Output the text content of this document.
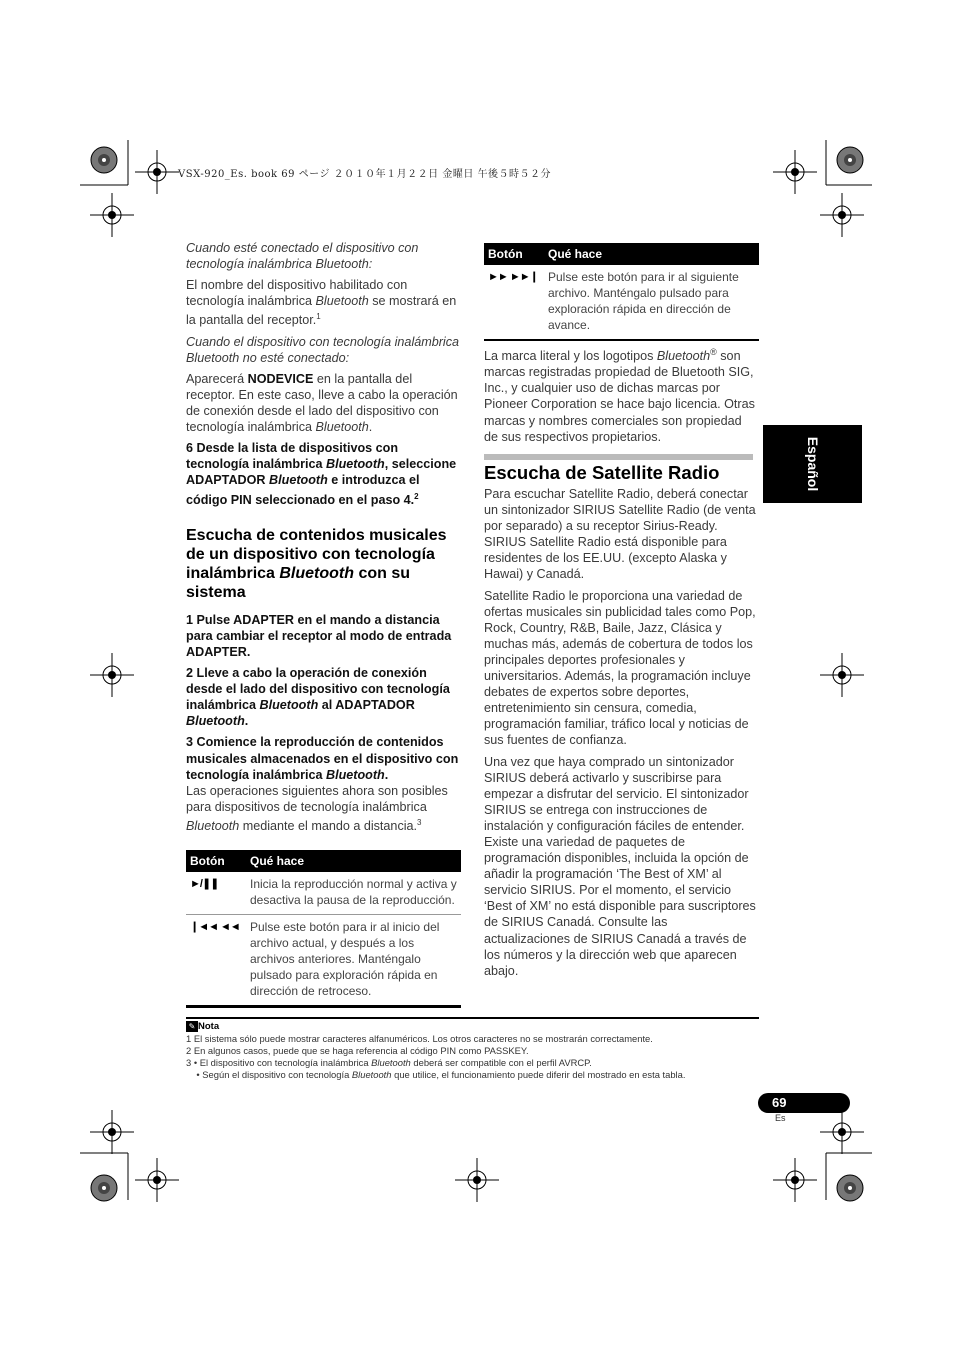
VSX-920_Es. book 69 ページ ２０１０年１月２２日 金曜日 午後５時５２分

Cuando esté conectado el dispositivo con tecnología inalámbrica Bluetooth:

El nombre del dispositivo habilitado con tecnología inalámbrica Bluetooth se mostrará en la pantalla del receptor.$^1$

Cuando el dispositivo con tecnología inalámbrica Bluetooth no esté conectado:

Aparecerá NODEVICE en la pantalla del receptor. En este caso, lleve a cabo la operación de conexión desde el lado del dispositivo con tecnología inalámbrica Bluetooth.

6 Desde la lista de dispositivos con tecnología inalámbrica Bluetooth, seleccione ADAPTADOR Bluetooth e introduzca el código PIN seleccionado en el paso 4.$^2$

Escucha de contenidos musicales de un dispositivo con tecnología inalámbrica Bluetooth con su sistema

1 Pulse ADAPTER en el mando a distancia para cambiar el receptor al modo de entrada ADAPTER.

2 Lleve a cabo la operación de conexión desde el lado del dispositivo con tecnología inalámbrica Bluetooth al ADAPTADOR Bluetooth.

3 Comience la reproducción de contenidos musicales almacenados en el dispositivo con tecnología inalámbrica Bluetooth.

Las operaciones siguientes ahora son posibles para dispositivos de tecnología inalámbrica Bluetooth mediante el mando a distancia.$^3$

Botón	Qué hace
►/❚❚	Inicia la reproducción normal y activa y desactiva la pausa de la reproducción.
❙◄◄ ◄◄	Pulse este botón para ir al inicio del archivo actual, y después a los archivos anteriores. Manténgalo pulsado para exploración rápida en dirección de retroceso.
Botón	Qué hace
►► ►►❙	Pulse este botón para ir al siguiente archivo. Manténgalo pulsado para exploración rápida en dirección de avance.

La marca literal y los logotipos Bluetooth® son marcas registradas propiedad de Bluetooth SIG, Inc., y cualquier uso de dichas marcas por Pioneer Corporation se hace bajo licencia. Otras marcas y nombres comerciales son propiedad de sus respectivos propietarios.

Escucha de Satellite Radio

Para escuchar Satellite Radio, deberá conectar un sintonizador SIRIUS Satellite Radio (de venta por separado) a su receptor Sirius-Ready. SIRIUS Satellite Radio está disponible para residentes de los EE.UU. (excepto Alaska y Hawai) y Canadá.

Satellite Radio le proporciona una variedad de ofertas musicales sin publicidad tales como Pop, Rock, Country, R&B, Baile, Jazz, Clásica y muchas más, además de cobertura de todos los principales deportes profesionales y universitarios. Además, la programación incluye debates de expertos sobre deportes, entretenimiento sin censura, comedia, programación familiar, tráfico local y noticias de sus fuentes de confianza.

Una vez que haya comprado un sintonizador SIRIUS deberá activarlo y suscribirse para empezar a disfrutar del servicio. El sintonizador SIRIUS se entrega con instrucciones de instalación y configuración fáciles de entender. Existe una variedad de paquetes de programación disponibles, incluida la opción de añadir la programación ‘The Best of XM’ al servicio SIRIUS. Por el momento, el servicio ‘Best of XM’ no está disponible para suscriptores de SIRIUS Canadá. Consulte las actualizaciones de SIRIUS Canadá a través de los números y la dirección web que aparecen abajo.

Español
✎ Nota
1 El sistema sólo puede mostrar caracteres alfanuméricos. Los otros caracteres no se mostrarán correctamente.
2 En algunos casos, puede que se haga referencia al código PIN como PASSKEY.
3 • El dispositivo con tecnología inalámbrica Bluetooth deberá ser compatible con el perfil AVRCP.
• Según el dispositivo con tecnología Bluetooth que utilice, el funcionamiento puede diferir del mostrado en esta tabla.
69
Es
